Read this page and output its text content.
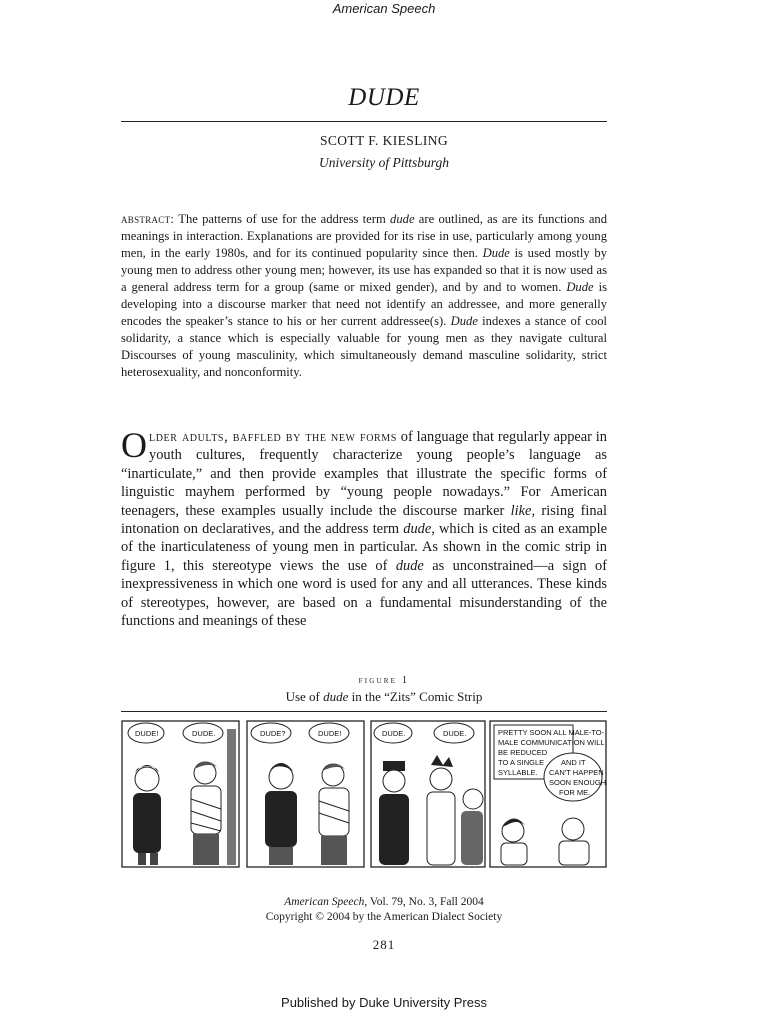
American Speech
DUDE
SCOTT F. KIESLING
University of Pittsburgh
abstract: The patterns of use for the address term dude are outlined, as are its functions and meanings in interaction. Explanations are provided for its rise in use, particularly among young men, in the early 1980s, and for its continued popularity since then. Dude is used mostly by young men to address other young men; however, its use has expanded so that it is now used as a general address term for a group (same or mixed gender), and by and to women. Dude is developing into a discourse marker that need not identify an addressee, and more generally encodes the speaker’s stance to his or her current addressee(s). Dude indexes a stance of cool solidarity, a stance which is especially valuable for young men as they navigate cultural Discourses of young masculinity, which simultaneously demand masculine solidarity, strict heterosexuality, and nonconformity.
Older adults, baffled by the new forms of language that regularly appear in youth cultures, frequently characterize young people’s language as “inarticulate,” and then provide examples that illustrate the specific forms of linguistic mayhem performed by “young people nowadays.” For American teenagers, these examples usually include the discourse marker like, rising final intonation on declaratives, and the address term dude, which is cited as an example of the inarticulateness of young men in particular. As shown in the comic strip in figure 1, this stereotype views the use of dude as unconstrained—a sign of inexpressiveness in which one word is used for any and all utterances. These kinds of stereotypes, however, are based on a fundamental misunderstanding of the functions and meanings of these
figure 1
Use of dude in the “Zits” Comic Strip
DUDE!	DUDE.	DUDE?	DUDE!	DUDE.	DUDE.	PRETTY SOON ALL MALE-TO-
MALE COMMUNICATION WILL
BE REDUCED
TO A SINGLE
SYLLABLE.
AND IT
CAN'T HAPPEN
SOON ENOUGH
FOR ME.
American Speech, Vol. 79, No. 3, Fall 2004
Copyright © 2004 by the American Dialect Society
281
Published by Duke University Press
